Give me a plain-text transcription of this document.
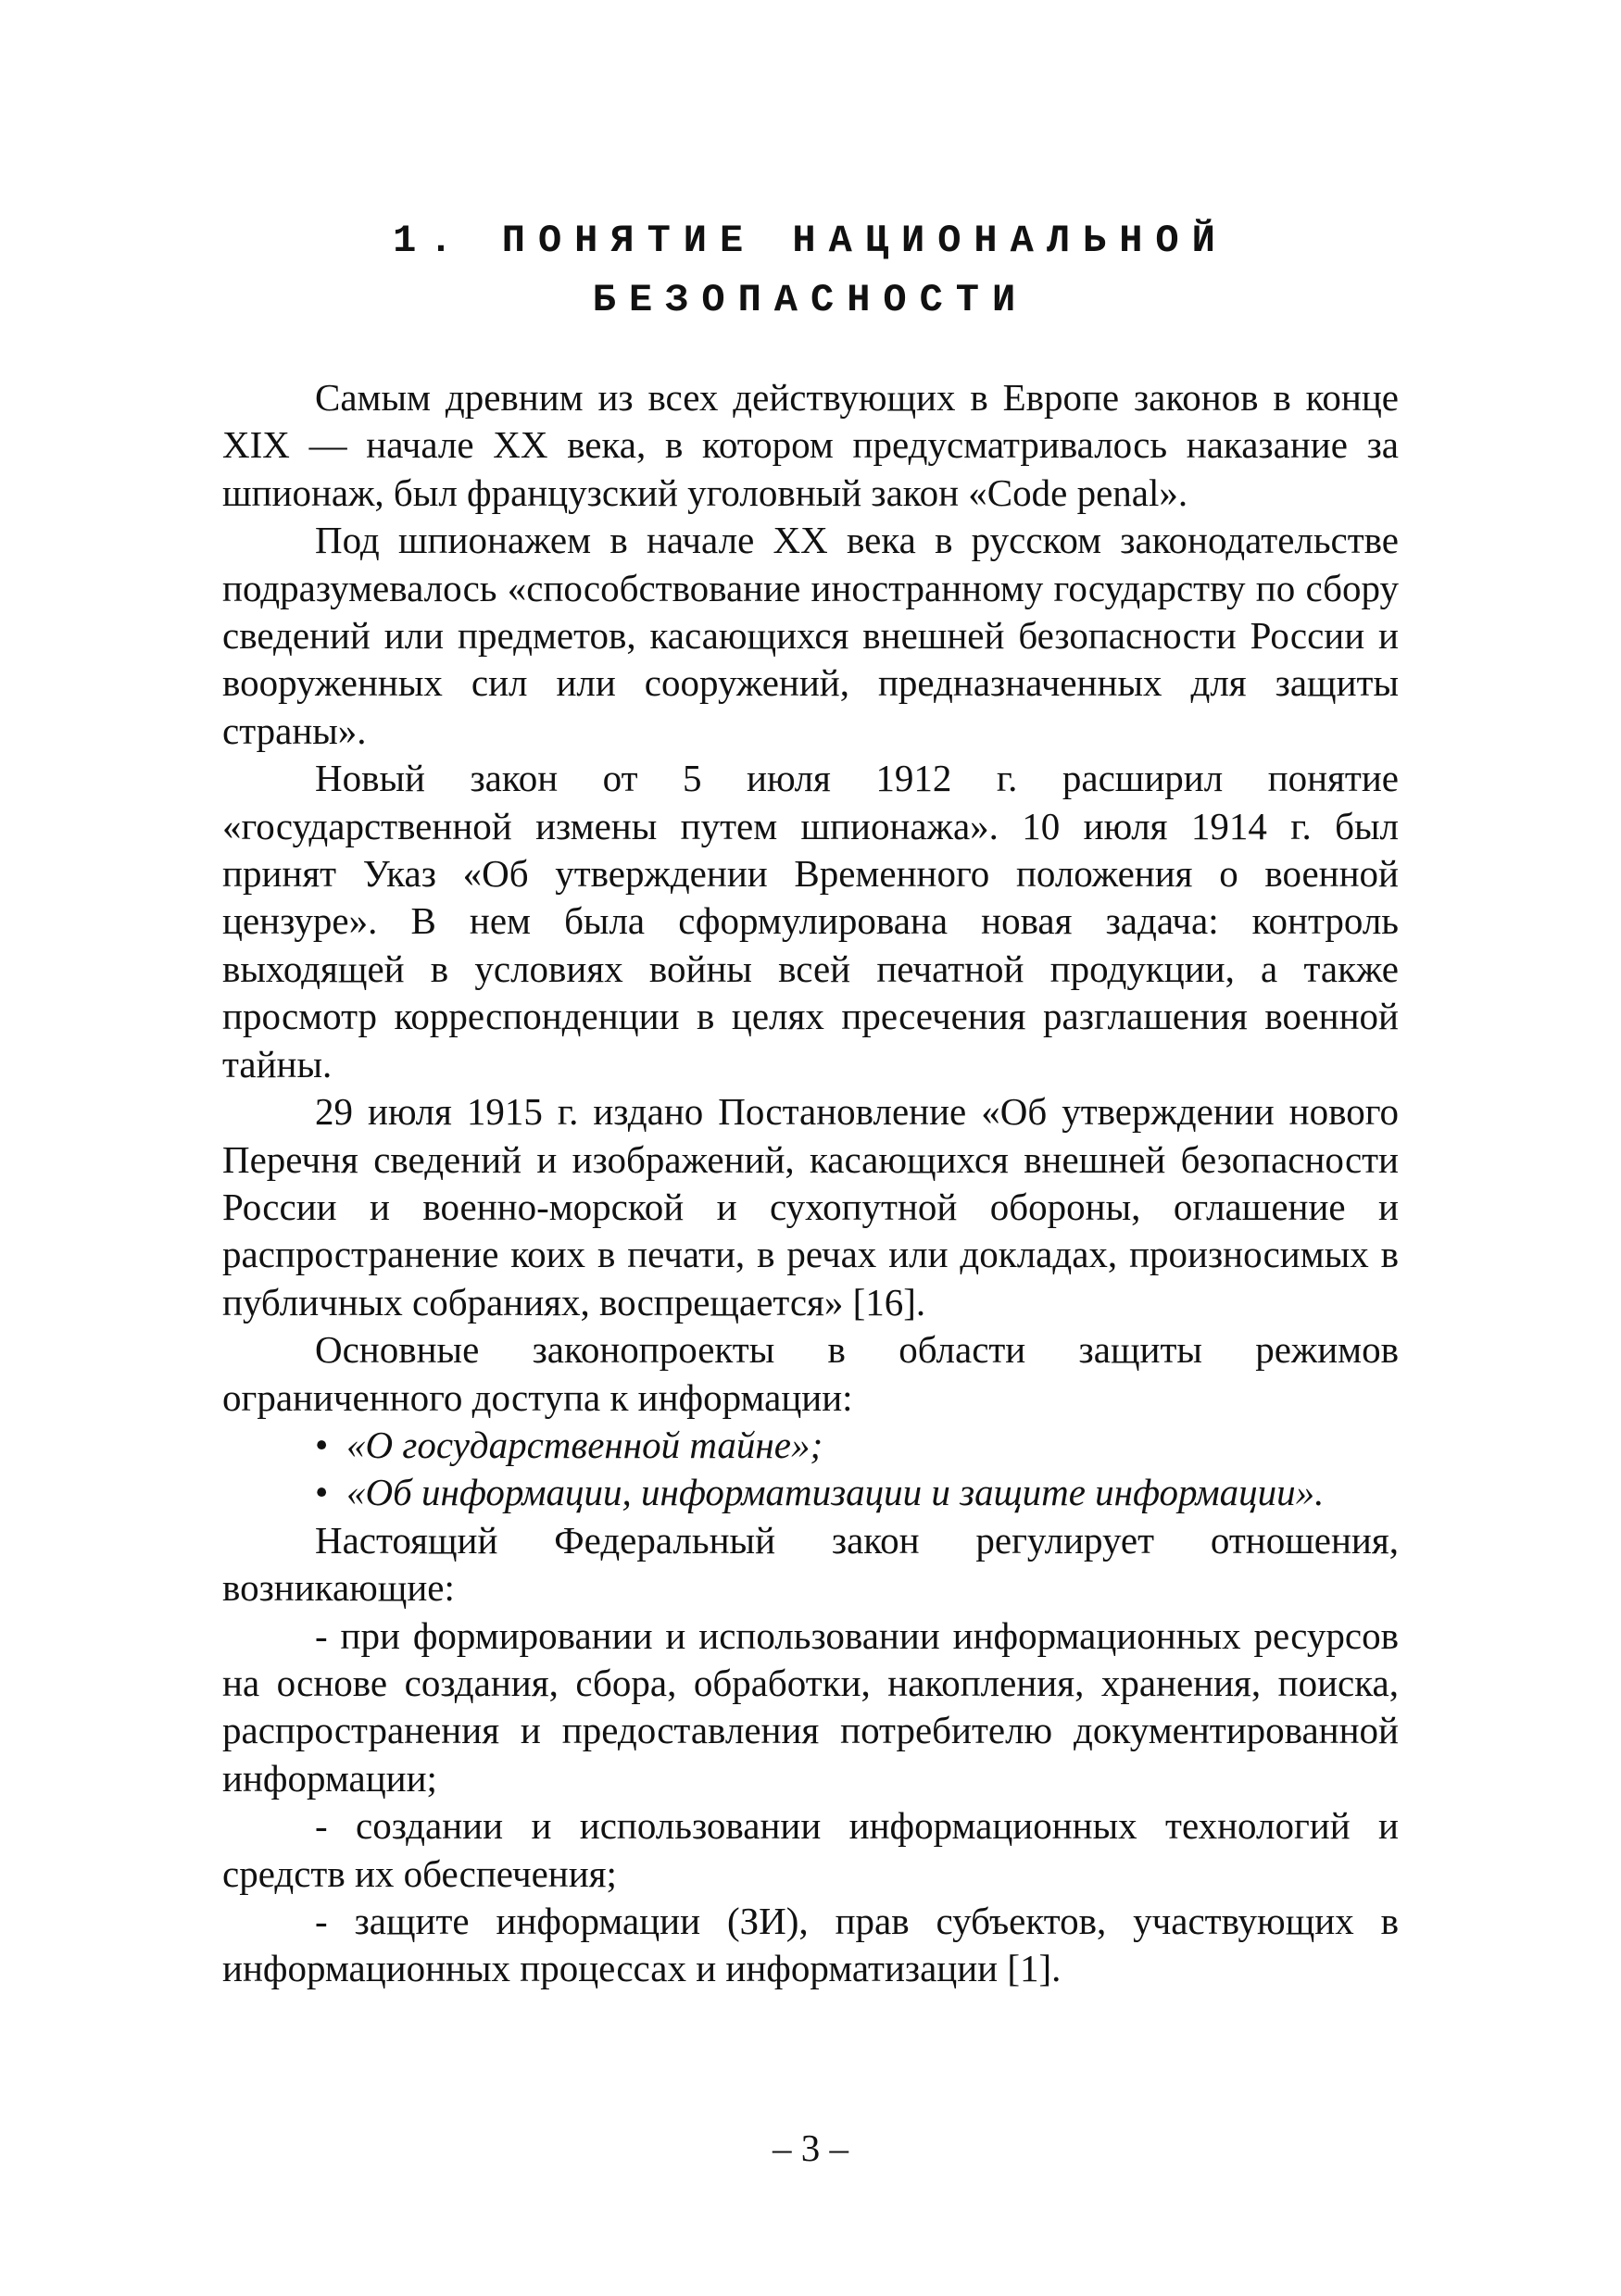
1. ПОНЯТИЕ НАЦИОНАЛЬНОЙ
БЕЗОПАСНОСТИ

Самым древним из всех действующих в Европе законов в конце XIX — начале XX века, в котором предусматривалось наказание за шпионаж, был французский уголовный закон «Code penal».

Под шпионажем в начале XX века в русском законодательстве подразумевалось «способствование иностранному государству по сбору сведений или предметов, касающихся внешней безопасности России и вооруженных сил или сооружений, предназначенных для защиты страны».

Новый закон от 5 июля 1912 г. расширил понятие «государственной измены путем шпионажа». 10 июля 1914 г. был принят Указ «Об утверждении Временного положения о военной цензуре». В нем была сформулирована новая задача: контроль выходящей в условиях войны всей печатной продукции, а также просмотр корреспонденции в целях пресечения разглашения военной тайны.

29 июля 1915 г. издано Постановление «Об утверждении нового Перечня сведений и изображений, касающихся внешней безопасности России и военно-морской и сухопутной обороны, оглашение и распространение коих в печати, в речах или докладах, произносимых в публичных собраниях, воспрещается» [16].

Основные законопроекты в области защиты режимов ограниченного доступа к информации:

• «О государственной тайне»;
• «Об информации, информатизации и защите информации».

Настоящий Федеральный закон регулирует отношения, возникающие:

- при формировании и использовании информационных ресурсов на основе создания, сбора, обработки, накопления, хранения, поиска, распространения и предоставления потребителю документированной информации;

- создании и использовании информационных технологий и средств их обеспечения;

- защите информации (ЗИ), прав субъектов, участвующих в информационных процессах и информатизации [1].

– 3 –
